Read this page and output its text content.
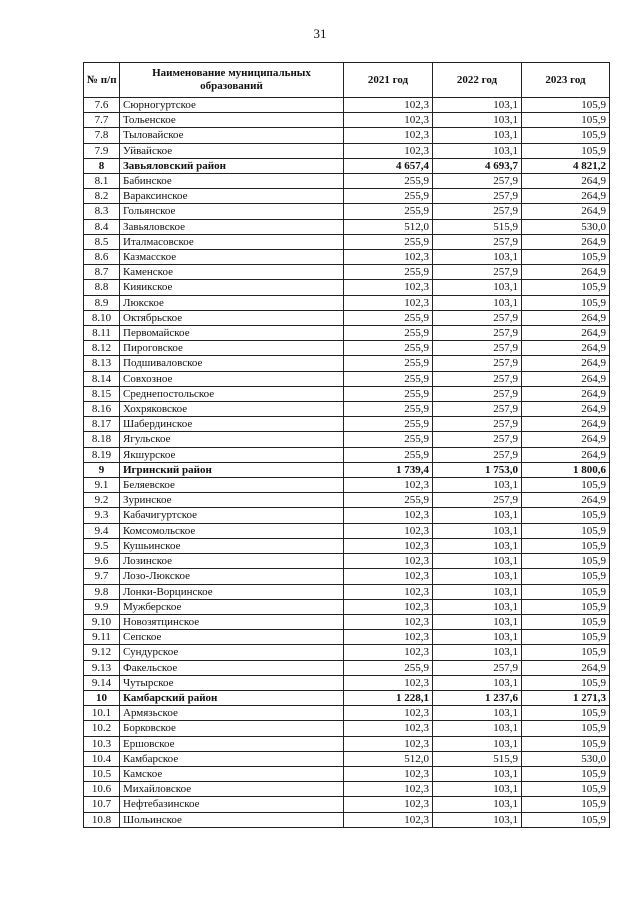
31
№ п/п	Наименование муниципальных образований	2021 год	2022 год	2023 год
7.6	Сюрногуртское	102,3	103,1	105,9
7.7	Тольенское	102,3	103,1	105,9
7.8	Тыловайское	102,3	103,1	105,9
7.9	Уйвайское	102,3	103,1	105,9
8	Завьяловский район	4 657,4	4 693,7	4 821,2
8.1	Бабинское	255,9	257,9	264,9
8.2	Вараксинское	255,9	257,9	264,9
8.3	Гольянское	255,9	257,9	264,9
8.4	Завьяловское	512,0	515,9	530,0
8.5	Италмасовское	255,9	257,9	264,9
8.6	Казмасское	102,3	103,1	105,9
8.7	Каменское	255,9	257,9	264,9
8.8	Кияикское	102,3	103,1	105,9
8.9	Люкское	102,3	103,1	105,9
8.10	Октябрьское	255,9	257,9	264,9
8.11	Первомайское	255,9	257,9	264,9
8.12	Пироговское	255,9	257,9	264,9
8.13	Подшиваловское	255,9	257,9	264,9
8.14	Совхозное	255,9	257,9	264,9
8.15	Среднепостольское	255,9	257,9	264,9
8.16	Хохряковское	255,9	257,9	264,9
8.17	Шабердинское	255,9	257,9	264,9
8.18	Ягульское	255,9	257,9	264,9
8.19	Якшурское	255,9	257,9	264,9
9	Игринский район	1 739,4	1 753,0	1 800,6
9.1	Беляевское	102,3	103,1	105,9
9.2	Зуринское	255,9	257,9	264,9
9.3	Кабачигуртское	102,3	103,1	105,9
9.4	Комсомольское	102,3	103,1	105,9
9.5	Кушьинское	102,3	103,1	105,9
9.6	Лозинское	102,3	103,1	105,9
9.7	Лозо-Люкское	102,3	103,1	105,9
9.8	Лонки-Ворцинское	102,3	103,1	105,9
9.9	Мужберское	102,3	103,1	105,9
9.10	Новозятцинское	102,3	103,1	105,9
9.11	Сепское	102,3	103,1	105,9
9.12	Сундурское	102,3	103,1	105,9
9.13	Факельское	255,9	257,9	264,9
9.14	Чутырское	102,3	103,1	105,9
10	Камбарский район	1 228,1	1 237,6	1 271,3
10.1	Армязьское	102,3	103,1	105,9
10.2	Борковское	102,3	103,1	105,9
10.3	Ершовское	102,3	103,1	105,9
10.4	Камбарское	512,0	515,9	530,0
10.5	Камское	102,3	103,1	105,9
10.6	Михайловское	102,3	103,1	105,9
10.7	Нефтебазинское	102,3	103,1	105,9
10.8	Шольинское	102,3	103,1	105,9
